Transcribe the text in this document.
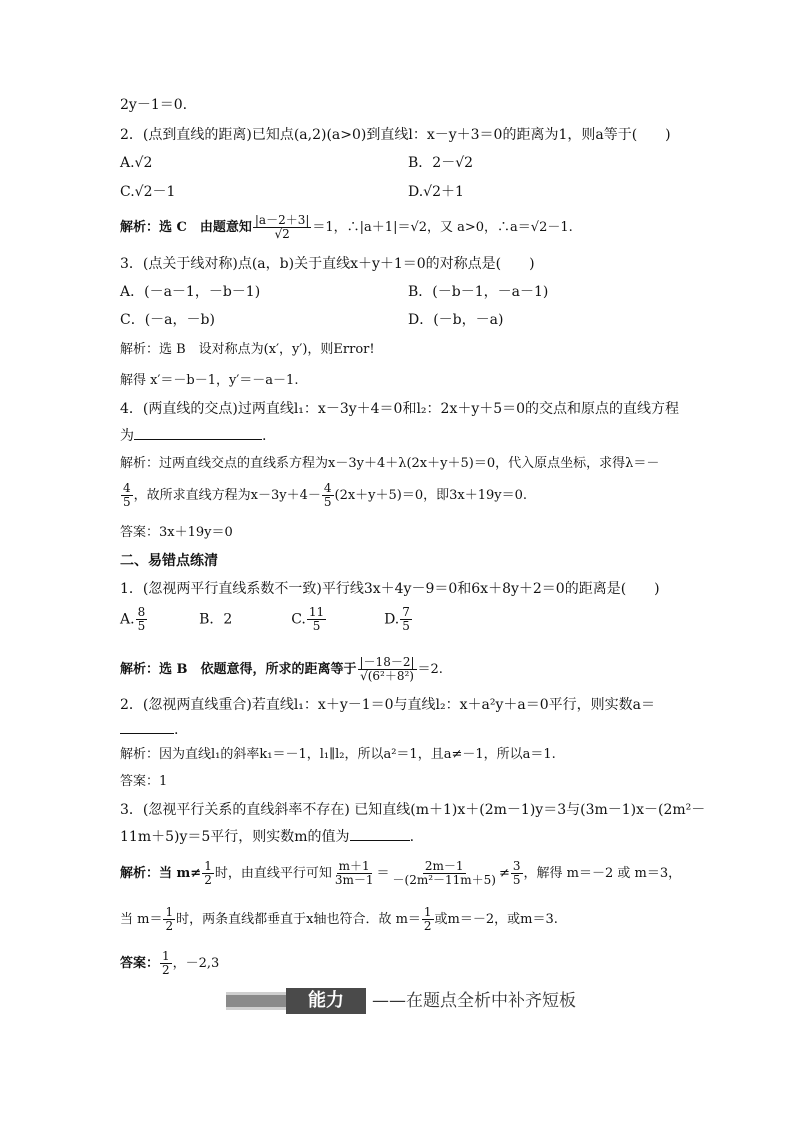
2y－1＝0.
2．(点到直线的距离)已知点(a,2)(a>0)到直线l：x－y＋3＝0的距离为1，则a等于(　　)
A.√2	B．2－√2
C.√2－1	D.√2＋1
解析：选 C　由题意知 $\frac{|a-2+3|}{√2} =1$，∴|a＋1|＝√2，又 a>0，∴a＝√2－1.
3．(点关于线对称)点(a，b)关于直线x＋y＋1＝0的对称点是(　　)
A．(－a－1，－b－1)	B．(－b－1，－a－1)
C．(－a，－b)	D．(－b，－a)
解析：选 B　设对称点为(x′，y′)，则Error!
解得 x′＝－b－1，y′＝－a－1.
4．(两直线的交点)过两直线l₁：x－3y＋4＝0和l₂：2x＋y＋5＝0的交点和原点的直线方程
为	.
解析：过两直线交点的直线系方程为x－3y＋4＋λ(2x＋y＋5)＝0，代入原点坐标，求得λ＝－
$\frac{4}{5}$ ，故所求直线方程为$x-3y+4- \frac{4}{5} (2x+y+5)=0$，即3x＋19y＝0.
答案：3x＋19y＝0
二、易错点练清
1．(忽视两平行直线系数不一致)平行线3x＋4y－9＝0和6x＋8y＋2＝0的距离是(　　)
A. $\frac{8}{5}$	B．2	C. $\frac{11}{5}$	D. $\frac{7}{5}$
解析：选 B　依题意得，所求的距离等于 $\frac{|-18-2|}{\text{√(6²＋8²)}} =2$.
2．(忽视两直线重合)若直线l₁：x＋y－1＝0与直线l₂：x＋a²y＋a＝0平行，则实数a＝
.
解析：因为直线l₁的斜率k₁＝－1，l₁∥l₂，所以a²＝1，且a≠－1，所以a＝1.
答案：1
3．(忽视平行关系的直线斜率不存在) 已知直线(m＋1)x＋(2m－1)y＝3与(3m－1)x－(2m²－
11m＋5)y＝5平行，则实数m的值为	.
解析：当 $m\ne \frac{1}{2}$ 时，由直线平行可知 $\frac{m+1}{3m-1} = \frac{2m-1}{\text{－(2m²－11m＋5)}} \ne \frac{3}{5}$ ，解得 m＝－2 或 m＝3，
当 $m= \frac{1}{2}$ 时，两条直线都垂直于x轴也符合．故 $m= \frac{1}{2}$ 或m＝－2，或m＝3.
答案： $\frac{1}{2}$ ，－2,3
能力	——在题点全析中补齐短板
